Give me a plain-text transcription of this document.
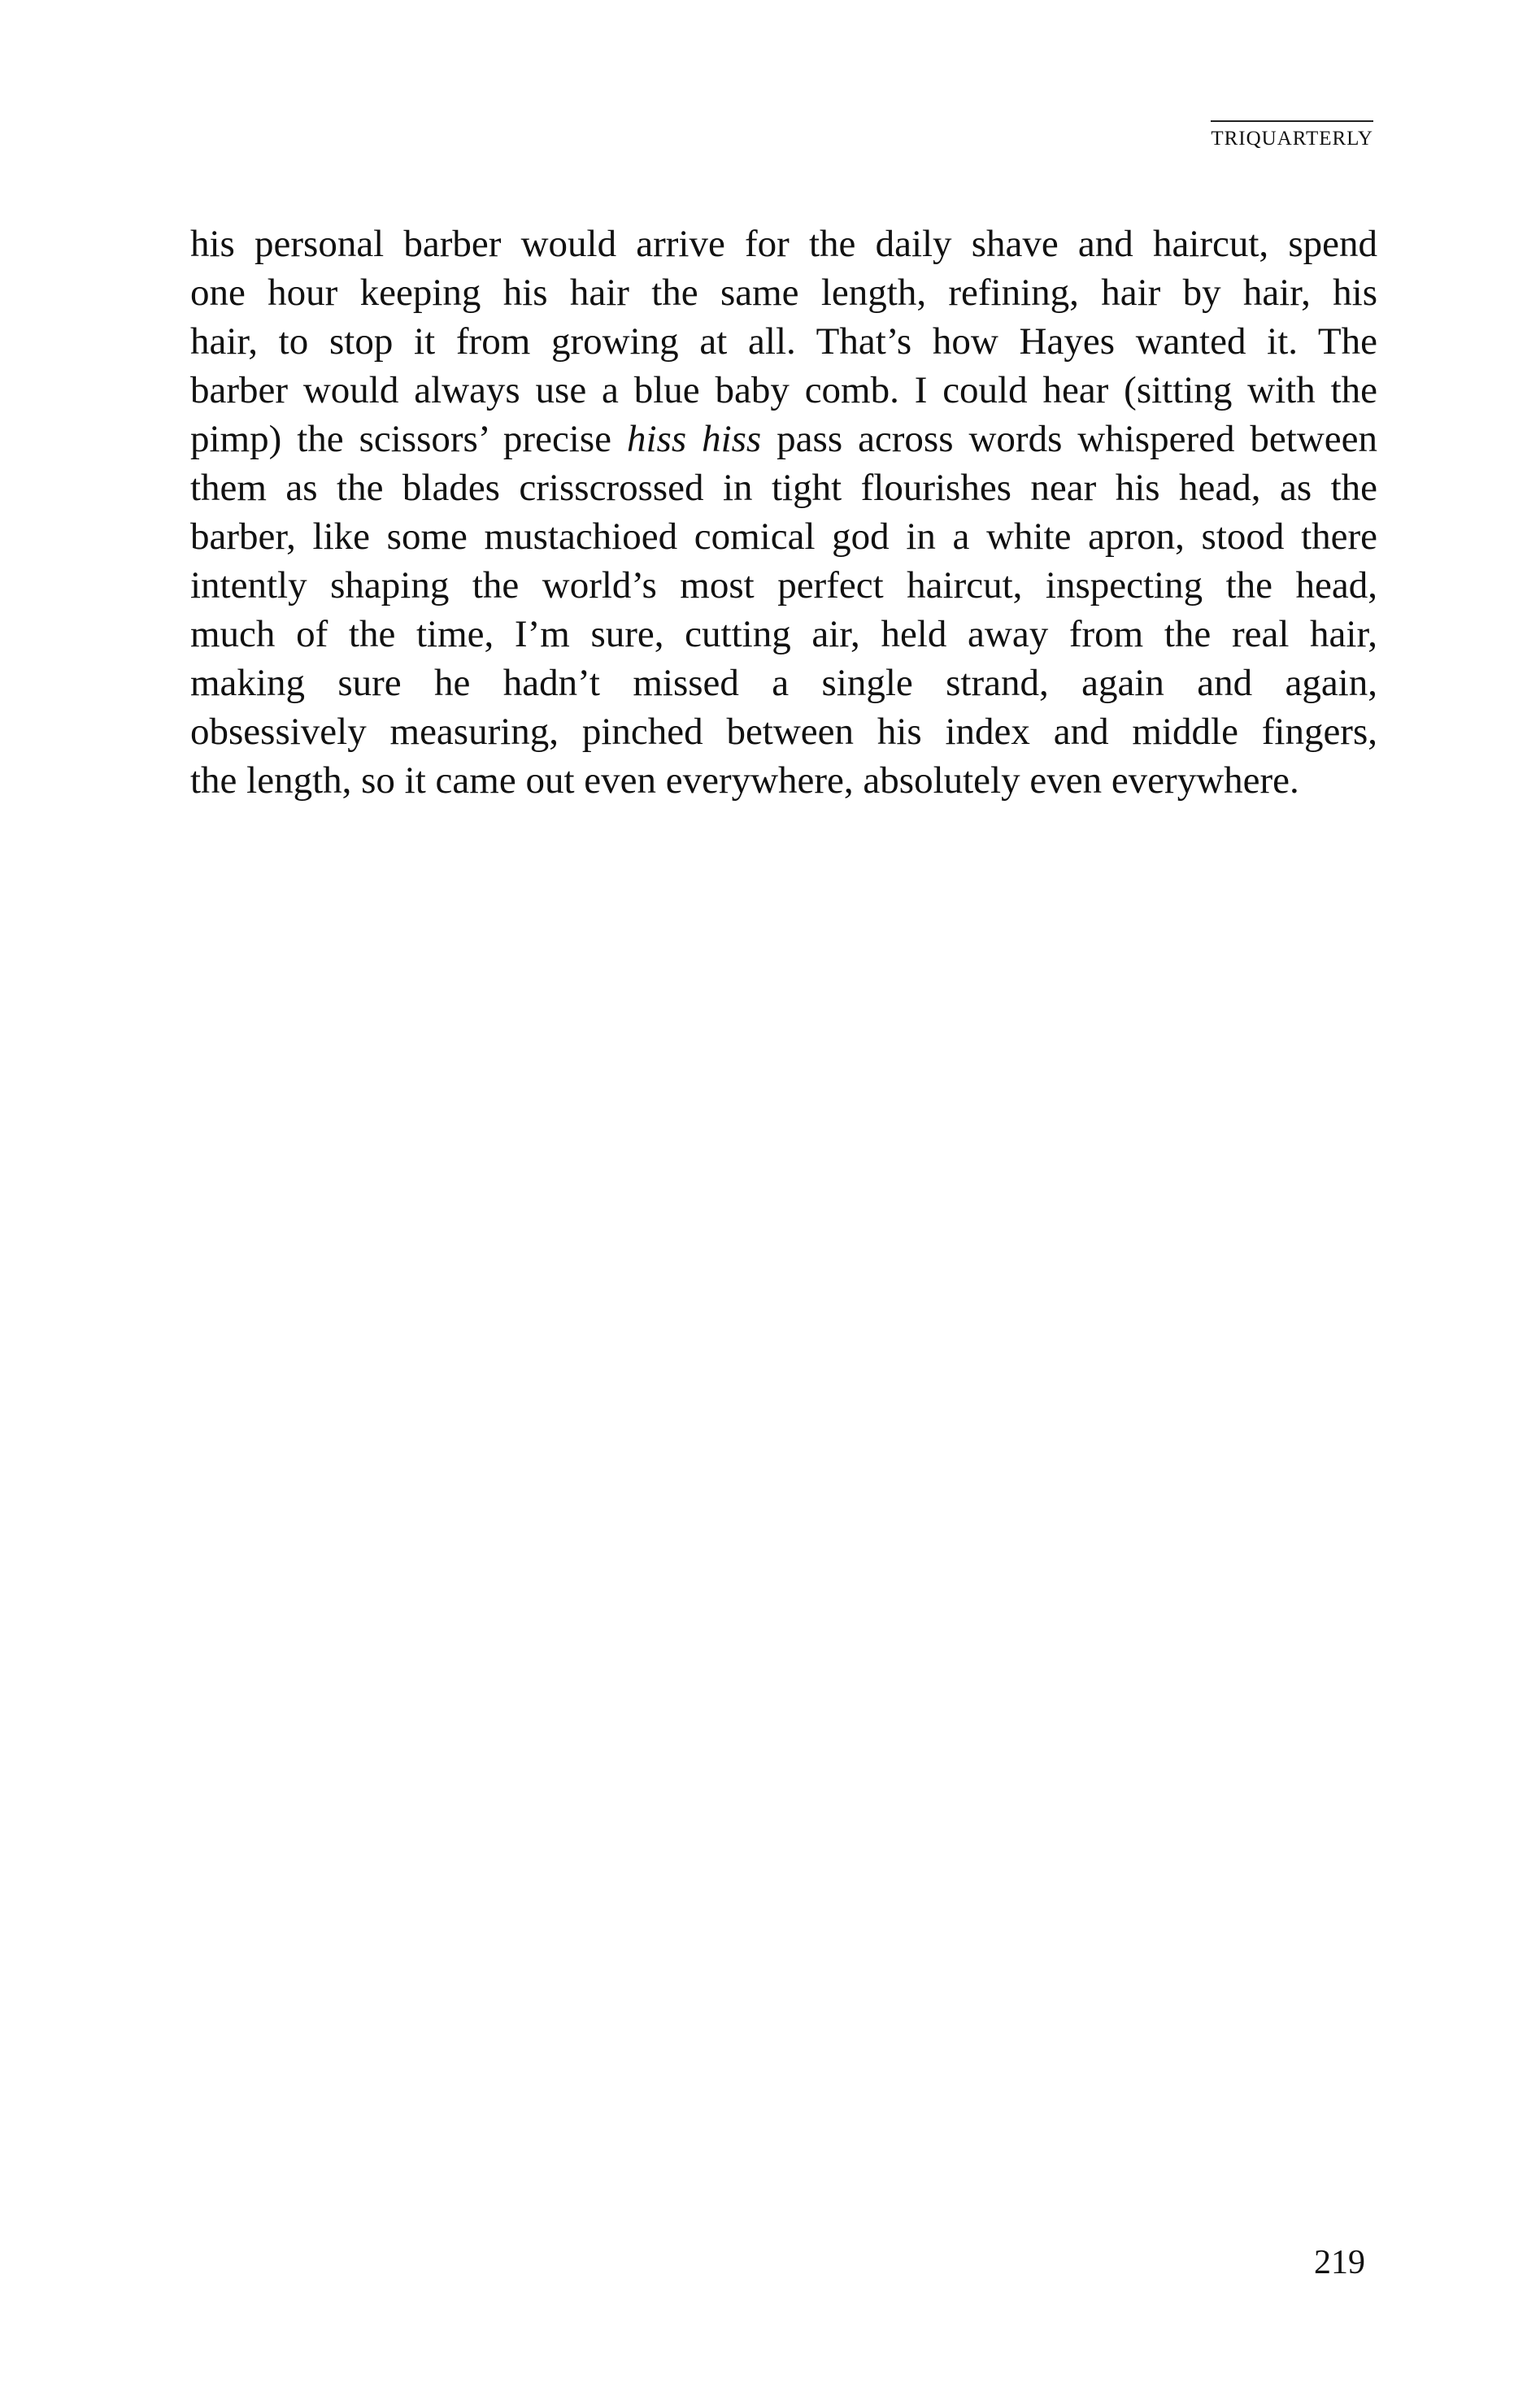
TRIQUARTERLY
his personal barber would arrive for the daily shave and haircut, spend
one hour keeping his hair the same length, refining, hair by hair, his
hair, to stop it from growing at all. That’s how Hayes wanted it. The
barber would always use a blue baby comb. I could hear (sitting with the
pimp) the scissors’ precise hiss hiss pass across words whispered between
them as the blades crisscrossed in tight flourishes near his head, as the
barber, like some mustachioed comical god in a white apron, stood there
intently shaping the world’s most perfect haircut, inspecting the head,
much of the time, I’m sure, cutting air, held away from the real hair,
making sure he hadn’t missed a single strand, again and again,
obsessively measuring, pinched between his index and middle fingers,
the length, so it came out even everywhere, absolutely even everywhere.
219
